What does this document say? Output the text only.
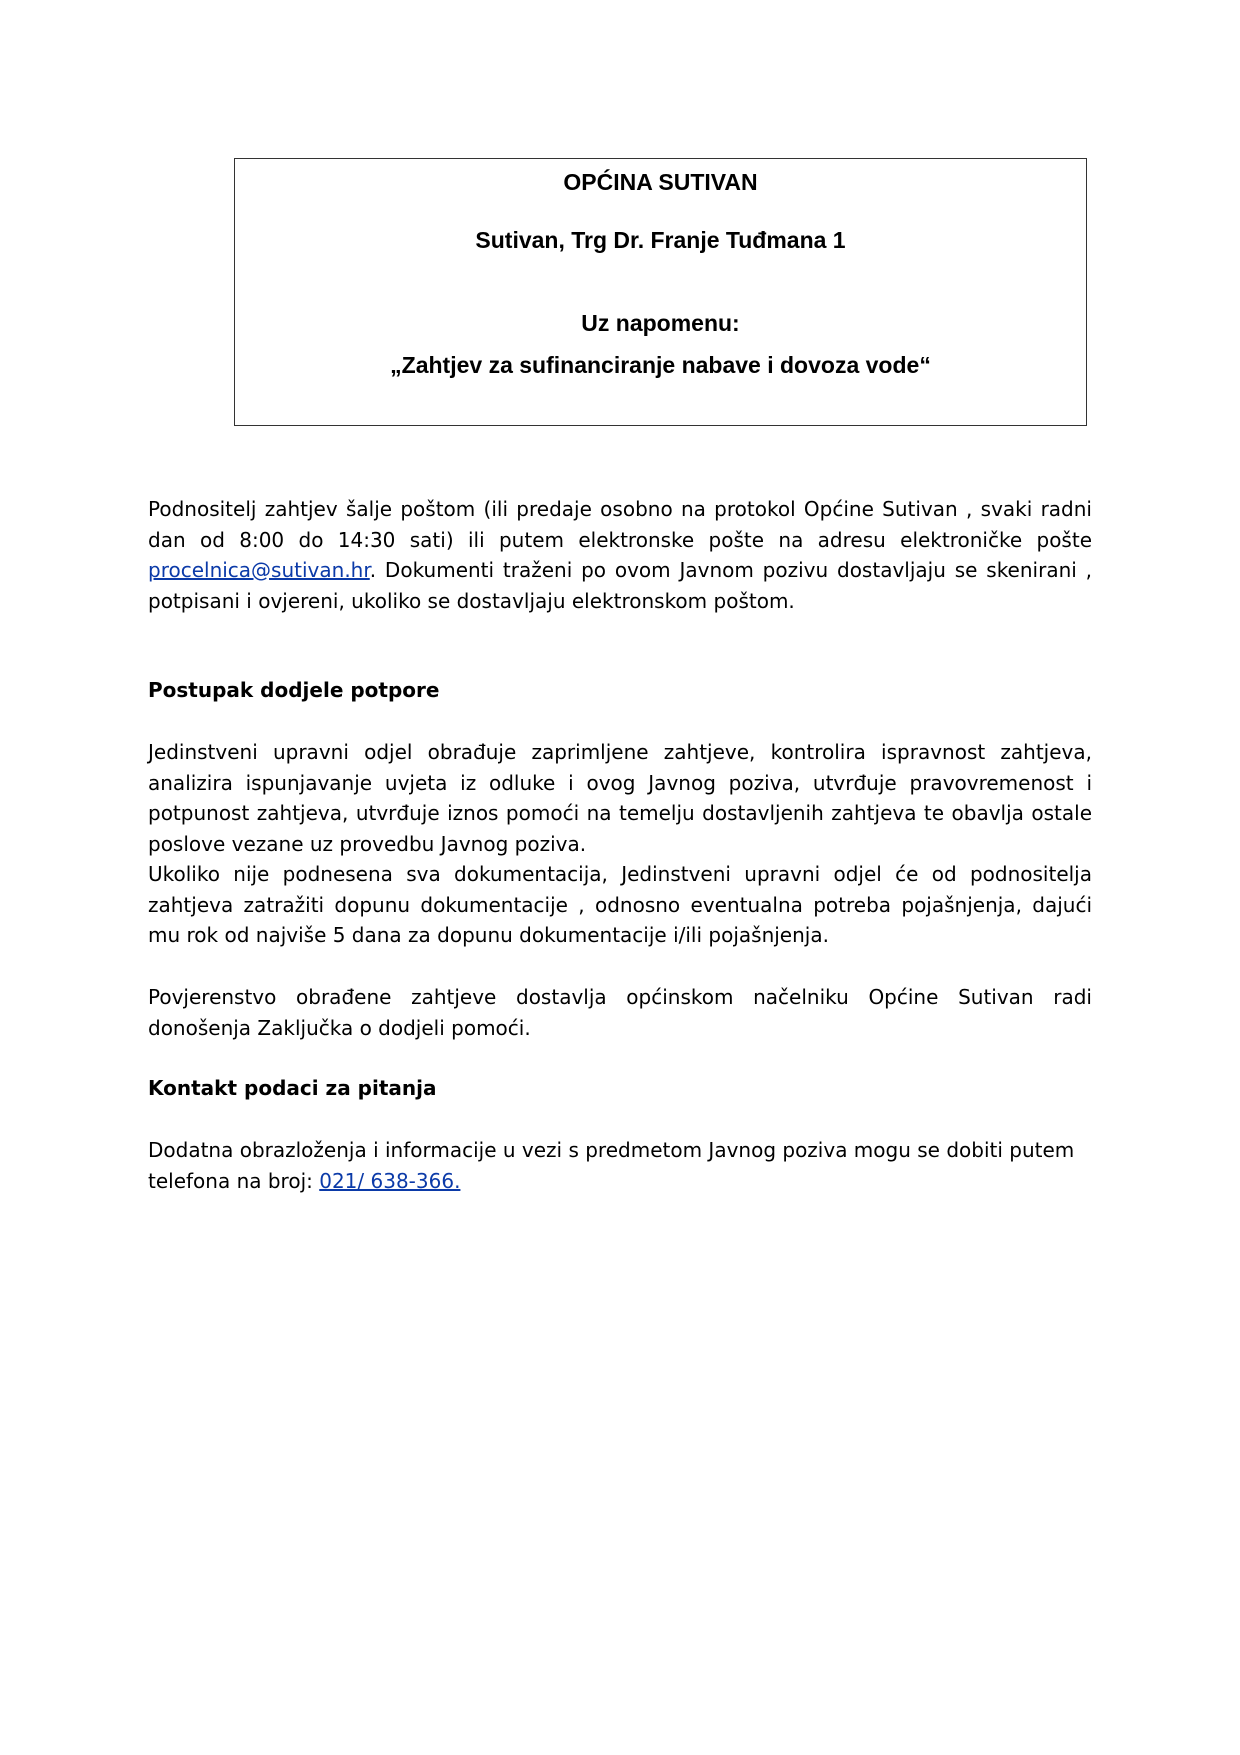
OPĆINA SUTIVAN
Sutivan, Trg Dr. Franje Tuđmana 1
Uz napomenu:
„Zahtjev za sufinanciranje nabave i dovoza vode“
Podnositelj zahtjev šalje poštom (ili predaje osobno na protokol Općine Sutivan , svaki radni dan od 8:00 do 14:30 sati) ili putem elektronske pošte na adresu elektroničke pošte procelnica@sutivan.hr. Dokumenti traženi po ovom Javnom pozivu dostavljaju se skenirani , potpisani i ovjereni, ukoliko se dostavljaju elektronskom poštom.
Postupak dodjele potpore
Jedinstveni upravni odjel obrađuje zaprimljene zahtjeve, kontrolira ispravnost zahtjeva, analizira ispunjavanje uvjeta iz odluke i ovog Javnog poziva, utvrđuje pravovremenost i potpunost zahtjeva, utvrđuje iznos pomoći na temelju dostavljenih zahtjeva te obavlja ostale poslove vezane uz provedbu Javnog poziva.
Ukoliko nije podnesena sva dokumentacija, Jedinstveni upravni odjel će od podnositelja zahtjeva zatražiti dopunu dokumentacije , odnosno eventualna potreba pojašnjenja, dajući mu rok od najviše 5 dana za dopunu dokumentacije i/ili pojašnjenja.
Povjerenstvo obrađene zahtjeve dostavlja općinskom načelniku Općine Sutivan radi donošenja Zaključka o dodjeli pomoći.
Kontakt podaci za pitanja
Dodatna obrazloženja i informacije u vezi s predmetom Javnog poziva mogu se dobiti putem
telefona na broj: 021/ 638-366.
